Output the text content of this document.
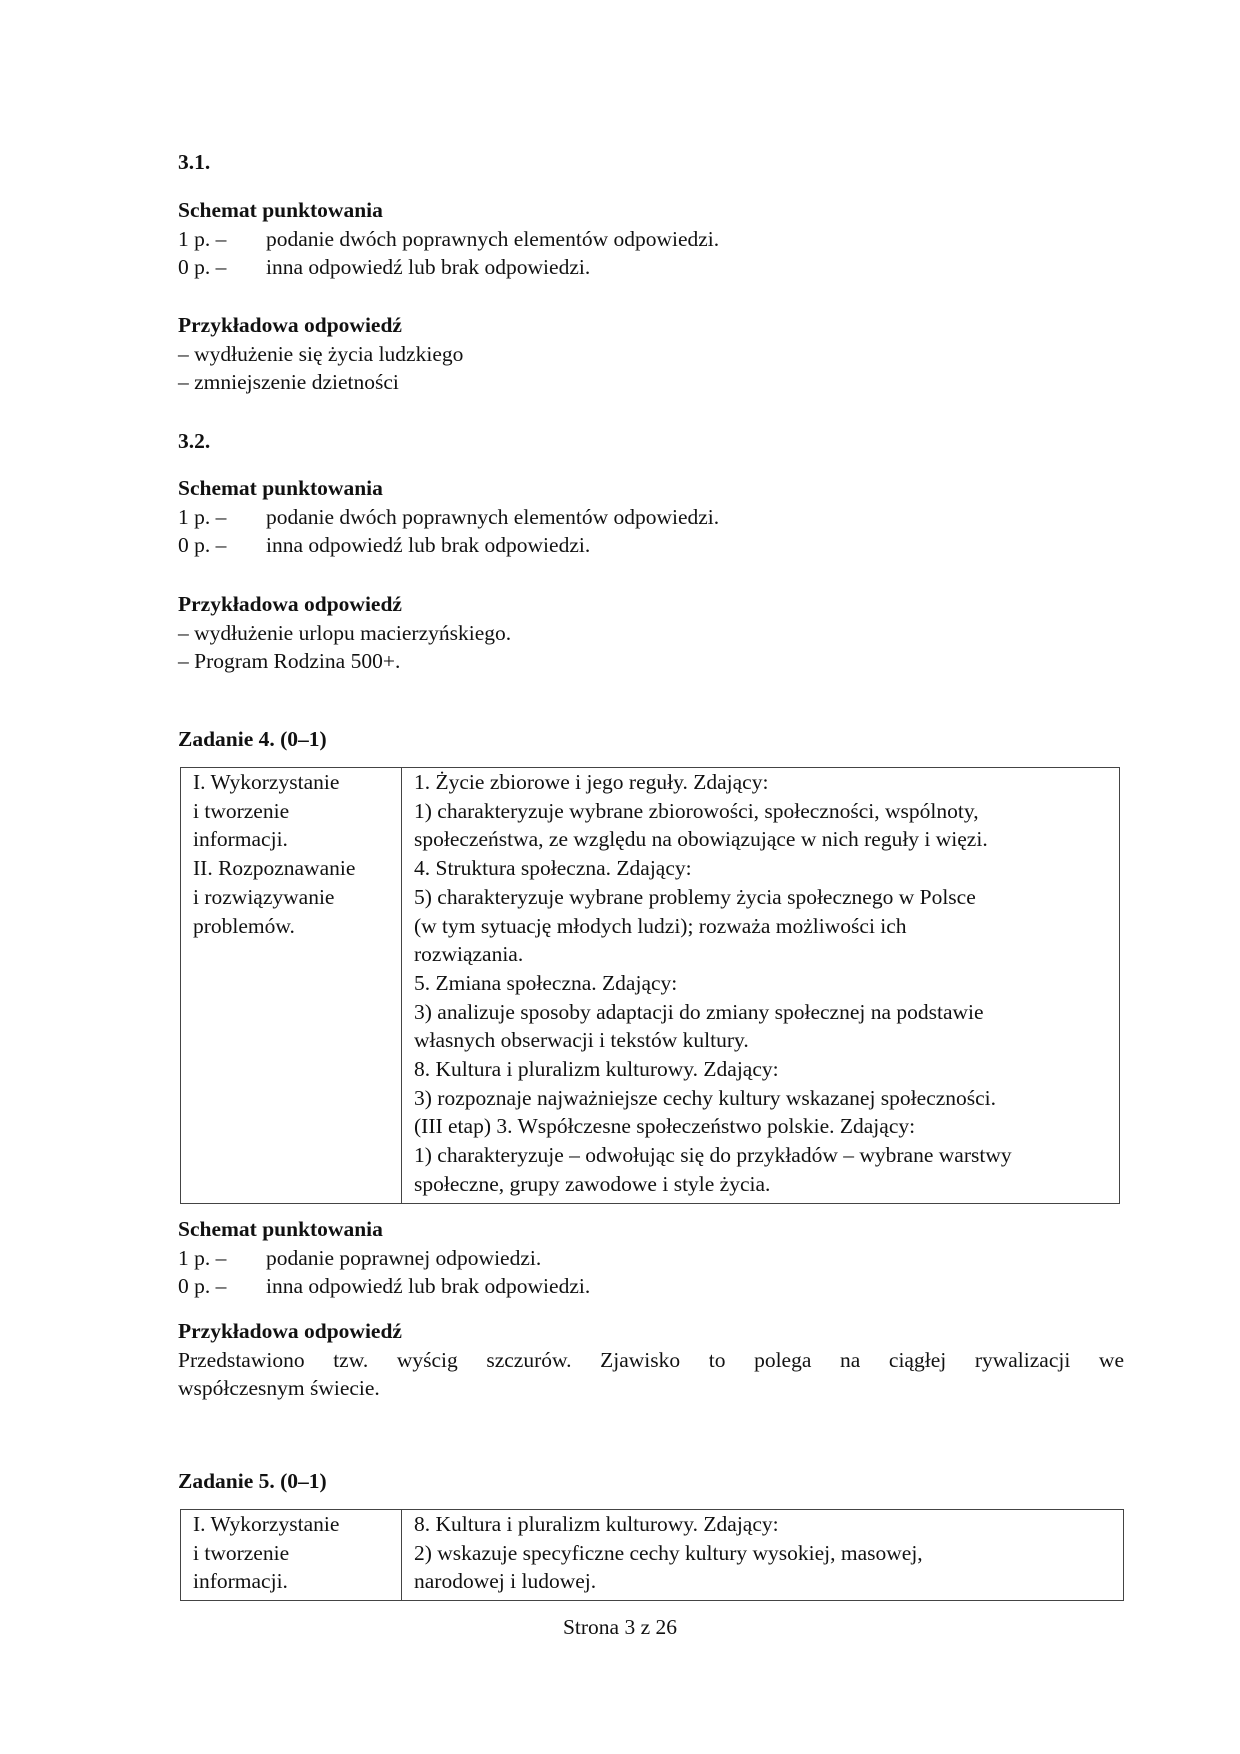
3.1.
Schemat punktowania
1 p. –	podanie dwóch poprawnych elementów odpowiedzi.
0 p. –	inna odpowiedź lub brak odpowiedzi.
Przykładowa odpowiedź
– wydłużenie się życia ludzkiego
– zmniejszenie dzietności
3.2.
Schemat punktowania
1 p. –	podanie dwóch poprawnych elementów odpowiedzi.
0 p. –	inna odpowiedź lub brak odpowiedzi.
Przykładowa odpowiedź
– wydłużenie urlopu macierzyńskiego.
– Program Rodzina 500+.
Zadanie 4. (0–1)
I. Wykorzystanie
i tworzenie
informacji.
II. Rozpoznawanie
i rozwiązywanie
problemów.

1. Życie zbiorowe i jego reguły. Zdający:
1) charakteryzuje wybrane zbiorowości, społeczności, wspólnoty,
społeczeństwa, ze względu na obowiązujące w nich reguły i więzi.
4. Struktura społeczna. Zdający:
5) charakteryzuje wybrane problemy życia społecznego w Polsce
(w tym sytuację młodych ludzi); rozważa możliwości ich
rozwiązania.
5. Zmiana społeczna. Zdający:
3) analizuje sposoby adaptacji do zmiany społecznej na podstawie
własnych obserwacji i tekstów kultury.
8. Kultura i pluralizm kulturowy. Zdający:
3) rozpoznaje najważniejsze cechy kultury wskazanej społeczności.
(III etap) 3. Współczesne społeczeństwo polskie. Zdający:
1) charakteryzuje – odwołując się do przykładów – wybrane warstwy
społeczne, grupy zawodowe i style życia.
Schemat punktowania
1 p. –	podanie poprawnej odpowiedzi.
0 p. –	inna odpowiedź lub brak odpowiedzi.
Przykładowa odpowiedź
Przedstawiono tzw. wyścig szczurów. Zjawisko to polega na ciągłej rywalizacji we
współczesnym świecie.
Zadanie 5. (0–1)
I. Wykorzystanie
i tworzenie
informacji.

8. Kultura i pluralizm kulturowy. Zdający:
2) wskazuje specyficzne cechy kultury wysokiej, masowej,
narodowej i ludowej.
Strona 3 z 26
